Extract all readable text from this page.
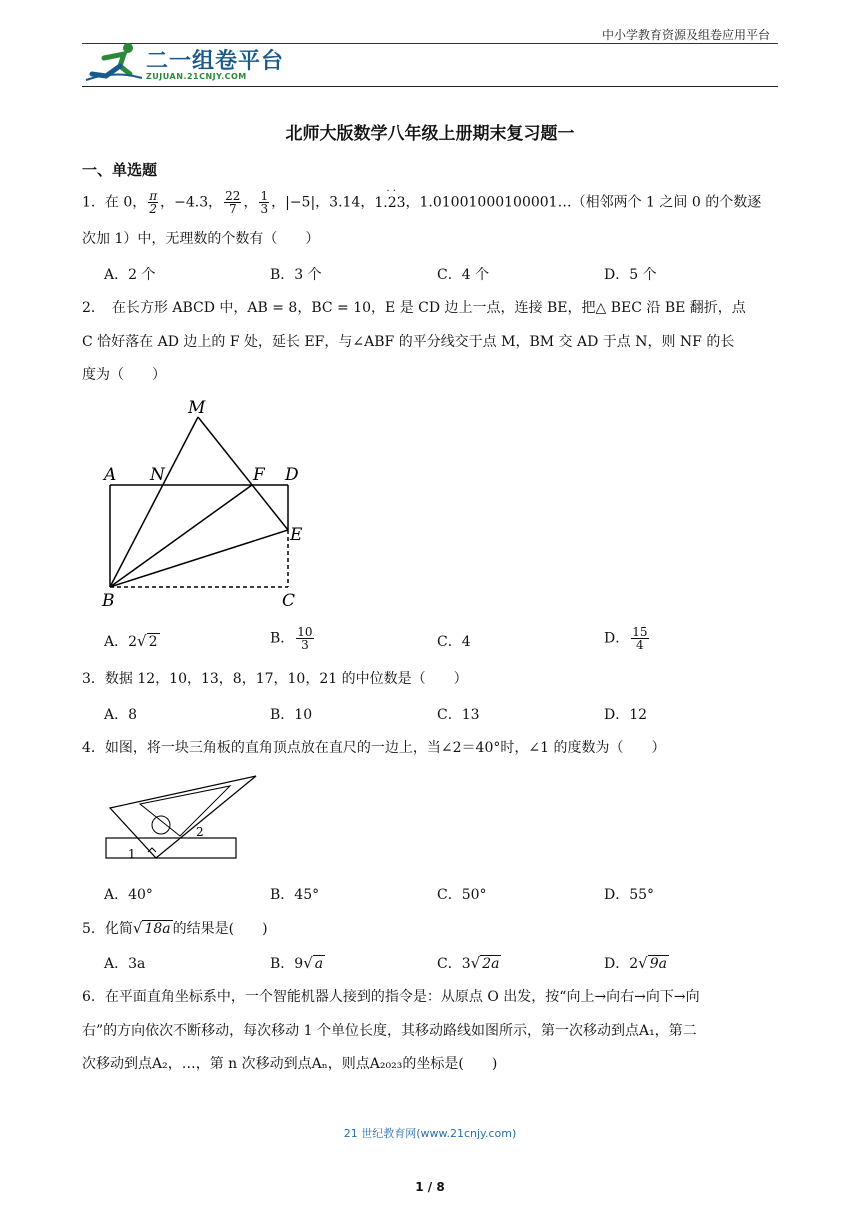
中小学教育资源及组卷应用平台
二一组卷平台
ZUJUAN.21CNJY.COM
北师大版数学八年级上册期末复习题一
一、单选题
1．在 0， $\frac{\pi}{2}$ ，−4.3， $\frac{22}{7}$ ， $\frac{1}{3}$ ，|−5|，3.14，
· ·
1.23，1.01001000100001…（相邻两个 1 之间 0 的个数逐
次加 1）中，无理数的个数有（　　）
A．2 个	B．3 个	C．4 个	D．5 个
2．　在长方形 ABCD 中，AB = 8，BC = 10，E 是 CD 边上一点，连接 BE，把△ BEC 沿 BE 翻折，点
C 恰好落在 AD 边上的 F 处，延长 EF，与∠ABF 的平分线交于点 M，BM 交 AD 于点 N，则 NF 的长
度为（　　）
M
A N	F D
E
B	C
A．2√ 2	B． $\frac{10}{3}$	C．4	D． $\frac{15}{4}$
3．数据 12，10，13，8，17，10，21 的中位数是（　　）
A．8	B．10	C．13	D．12
4．如图，将一块三角板的直角顶点放在直尺的一边上，当∠2＝40°时，∠1 的度数为（　　）
1
2
A．40°	B．45°	C．50°	D．55°
5．化简√ 18a 的结果是(　　)
A．3a	B．9√ a	C．3√ 2a	D．2√ 9a
6．在平面直角坐标系中，一个智能机器人接到的指令是：从原点 O 出发，按“向上→向右→向下→向
右”的方向依次不断移动，每次移动 1 个单位长度，其移动路线如图所示，第一次移动到点A₁，第二
次移动到点A₂，…，第 n 次移动到点Aₙ，则点A₂₀₂₃的坐标是(　　)
21 世纪教育网(www.21cnjy.com)
1 / 8
